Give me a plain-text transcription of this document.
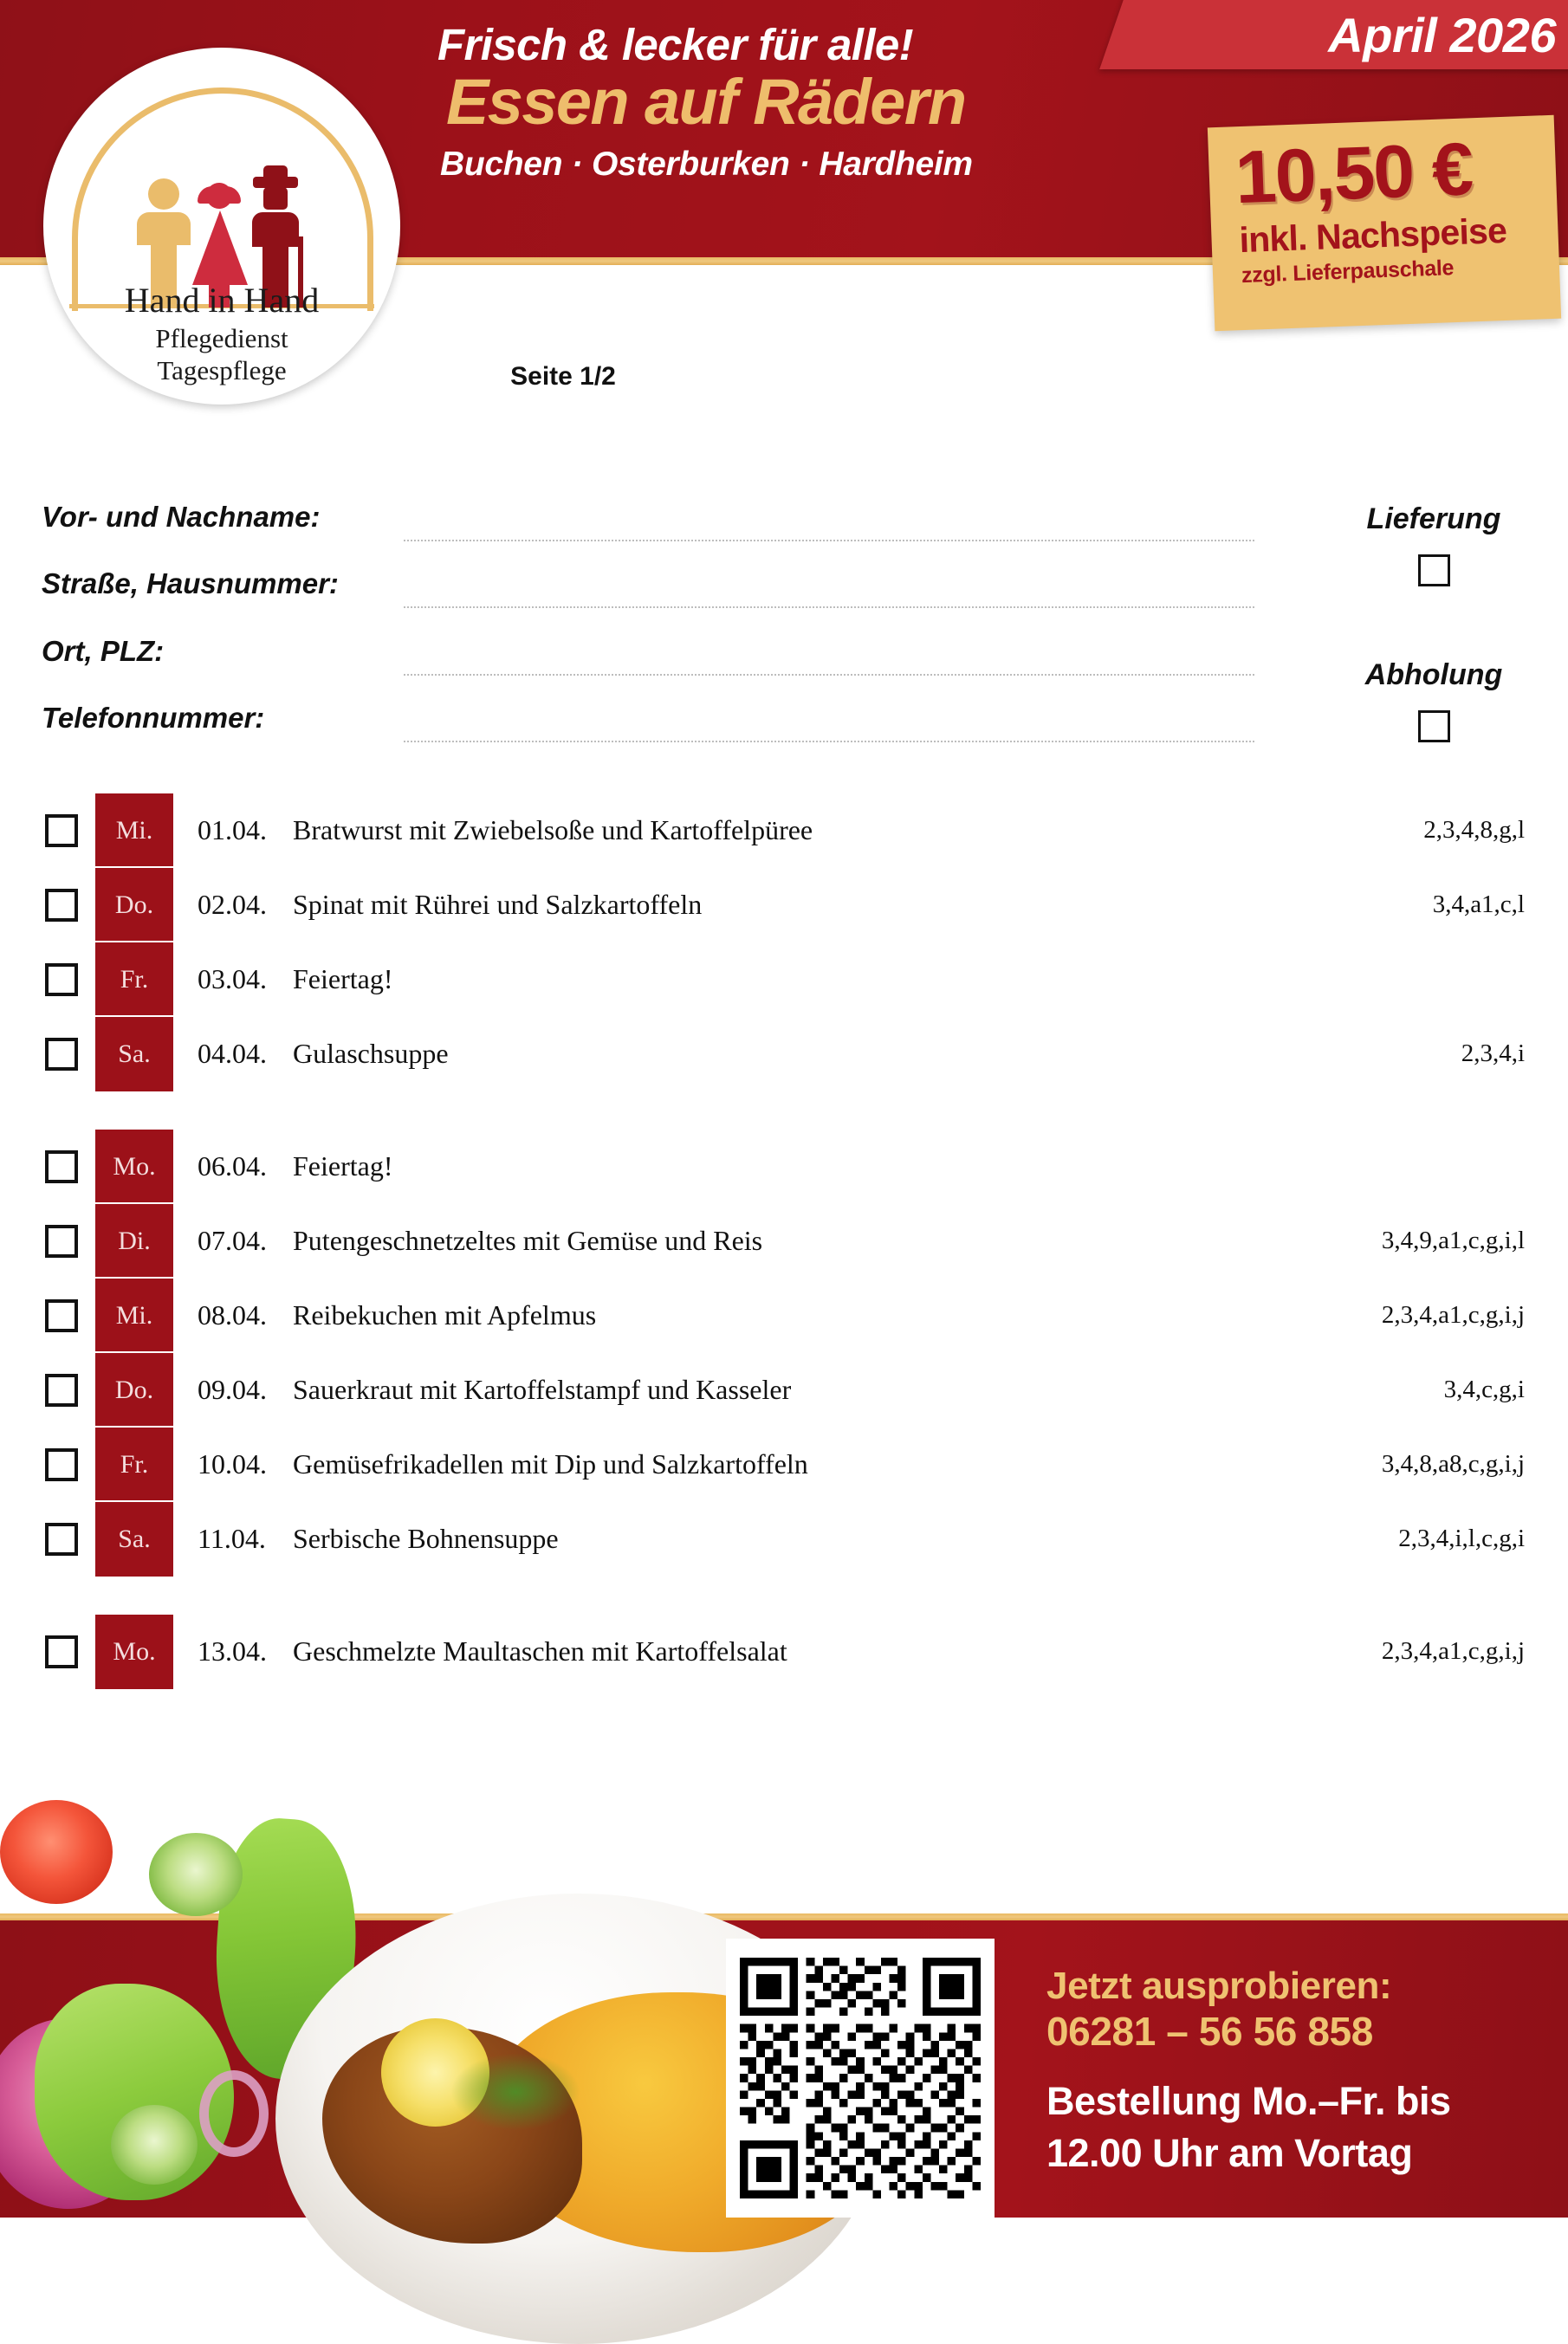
April 2026
Frisch & lecker für alle!
Essen auf Rädern
Buchen · Osterburken · Hardheim	10,50 €
inkl. Nachspeise
zzgl. Lieferpauschale
Hand in Hand
Pflegedienst
Tagespflege	Seite 1/2
Vor- und Nachname:
Straße, Hausnummer:
Ort, PLZ:
Telefonnummer:
Lieferung
Abholung
Mi.	01.04. Bratwurst mit Zwiebelsoße und Kartoffelpüree	2,3,4,8,g,l
Do.	02.04. Spinat mit Rührei und Salzkartoffeln	3,4,a1,c,l
Fr.	03.04. Feiertag!
Sa.	04.04. Gulaschsuppe	2,3,4,i
Mo.	06.04. Feiertag!
Di.	07.04. Putengeschnetzeltes mit Gemüse und Reis	3,4,9,a1,c,g,i,l
Mi.	08.04. Reibekuchen mit Apfelmus	2,3,4,a1,c,g,i,j
Do.	09.04. Sauerkraut mit Kartoffelstampf und Kasseler	3,4,c,g,i
Fr.	10.04. Gemüsefrikadellen mit Dip und Salzkartoffeln	3,4,8,a8,c,g,i,j
Sa.	11.04. Serbische Bohnensuppe	2,3,4,i,l,c,g,i
Mo.	13.04. Geschmelzte Maultaschen mit Kartoffelsalat	2,3,4,a1,c,g,i,j
Jetzt ausprobieren:
06281 – 56 56 858
Bestellung Mo.–Fr. bis
12.00 Uhr am Vortag
